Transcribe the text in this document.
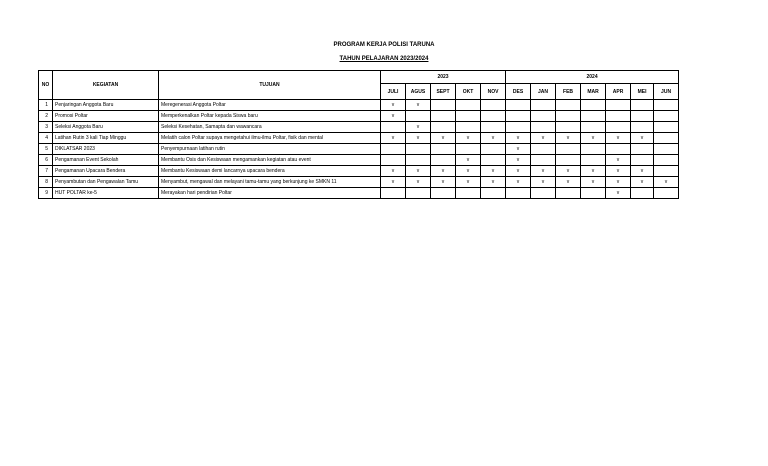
PROGRAM KERJA POLISI TARUNA
TAHUN PELAJARAN 2023/2024
NO	KEGIATAN	TUJUAN	2023					2024						
			JULI	AGUS	SEPT	OKT	NOV	DES	JAN	FEB	MAR	APR	MEI	JUN
1	Penjaringan Anggota Baru	Meregenerasi Anggota Poltar	v	v										
2	Promosi Poltar	Memperkenalkan Poltar kepada Siswa baru	v											
3	Seleksi Anggota Baru	Seleksi Kesehatan, Samapta dan wawancara		v										
4	Latihan Rutin 3 kali Tiap Minggu	Melatih calon Poltar supaya mengetahui ilmu-ilmu Poltar, fisik dan mental	v	v	v	v	v	v	v	v	v	v	v	
5	DIKLATSAR 2023	Penyempurnaan latihan rutin						v						
6	Pengamanan Event Sekolah	Membantu Osis dan Kesiswaan mengamankan kegiatan atau event				v		v				v		
7	Pengamanan Upacara Bendera	Membantu Kesiswaan demi lancarnya upacara bendera	v	v	v	v	v	v	v	v	v	v	v	
8	Penyambutan dan Pengawalan Tamu	Menyambut, mengawal dan melayani tamu-tamu yang berkunjung ke SMKN 11	v	v	v	v	v	v	v	v	v	v	v	v
9	HUT POLTAR ke-5	Merayakan hari pendirian Poltar										v		
